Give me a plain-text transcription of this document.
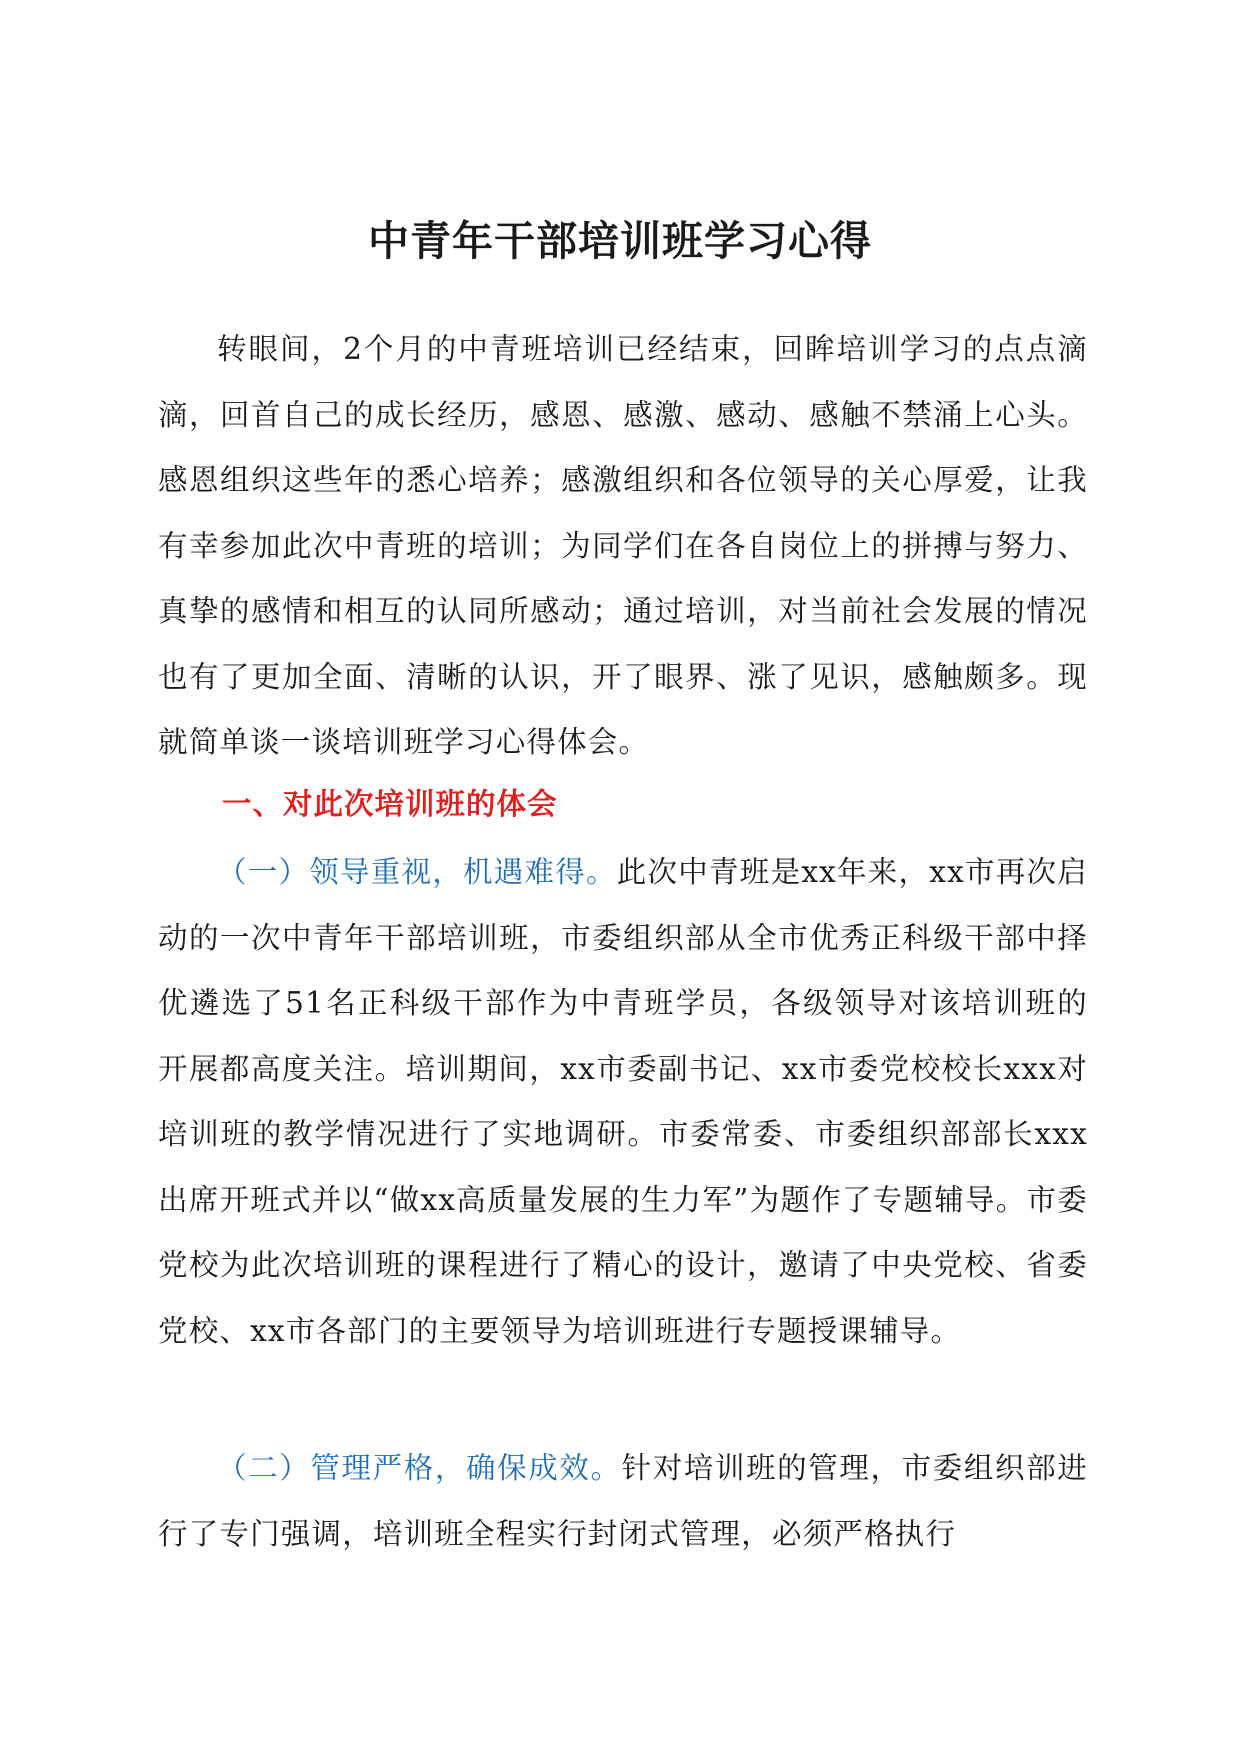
中青年干部培训班学习心得

转眼间，2个月的中青班培训已经结束，回眸培训学习的点点滴滴，回首自己的成长经历，感恩、感激、感动、感触不禁涌上心头。感恩组织这些年的悉心培养；感激组织和各位领导的关心厚爱，让我有幸参加此次中青班的培训；为同学们在各自岗位上的拼搏与努力、真挚的感情和相互的认同所感动；通过培训，对当前社会发展的情况也有了更加全面、清晰的认识，开了眼界、涨了见识，感触颇多。现就简单谈一谈培训班学习心得体会。

一、对此次培训班的体会

（一）领导重视，机遇难得。此次中青班是xx年来，xx市再次启动的一次中青年干部培训班，市委组织部从全市优秀正科级干部中择优遴选了51名正科级干部作为中青班学员，各级领导对该培训班的开展都高度关注。培训期间，xx市委副书记、xx市委党校校长xxx对培训班的教学情况进行了实地调研。市委常委、市委组织部部长xxx出席开班式并以“做xx高质量发展的生力军”为题作了专题辅导。市委党校为此次培训班的课程进行了精心的设计，邀请了中央党校、省委党校、xx市各部门的主要领导为培训班进行专题授课辅导。

（二）管理严格，确保成效。针对培训班的管理，市委组织部进行了专门强调，培训班全程实行封闭式管理，必须严格执行
